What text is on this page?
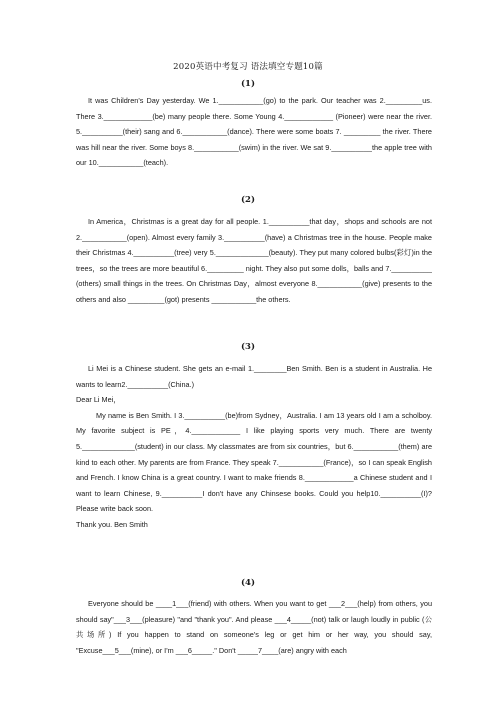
2020英语中考复习 语法填空专题10篇
(1)

It was Children's Day yesterday. We 1.___________(go) to the park. Our teacher was 2._________us. There 3.____________(be) many people there. Some Young 4.____________ (Pioneer) were near the river. 5.__________(their) sang and 6.___________(dance). There were some boats 7. _________ the river. There was hill near the river. Some boys 8.___________(swim) in the river. We sat 9.__________the apple tree with our 10.___________(teach).

(2)

In America，Christmas is a great day for all people. 1.__________that day，shops and schools are not 2.___________(open). Almost every family 3.__________(have) a Christmas tree in the house. People make their Christmas 4.__________(tree) very 5._____________(beauty). They put many colored bulbs(彩灯)in the trees，so the trees are more beautiful 6._________ night. They also put some dolls，balls and 7.__________ (others) small things in the trees. On Christmas Day，almost everyone 8.___________(give) presents to the others and also _________(got) presents ___________the others.

(3)

Li Mei is a Chinese student. She gets an e-mail 1.________Ben Smith. Ben is a student in Australia. He wants to learn2.__________(China.)

Dear Li Mei，

My name is Ben Smith. I 3.__________(be)from Sydney，Australia. I am 13 years old I am a scholboy. My favorite subject is PE，4.____________ I like playing sports very much. There are twenty 5._____________(student) in our class. My classmates are from six countries，but 6.___________(them) are kind to each other. My parents are from France. They speak 7.___________(France)，so I can speak English and French. I know China is a great country. I want to make friends 8.____________a Chinese student and I want to learn Chinese, 9.__________I don't have any Chinsese books. Could you help10.__________(I)? Please write back soon.

Thank you. Ben Smith

(4)

Everyone should be ____1___(friend) with others. When you want to get ___2___(help) from others, you should say"___3___(pleasure) "and "thank you". And please ___4_____(not) talk or laugh loudly in public (公共场所) If you happen to stand on someone's leg or get him or her way, you should say, "Excuse___5___(mine), or I'm ___6_____." Don't _____7____(are) angry with each
